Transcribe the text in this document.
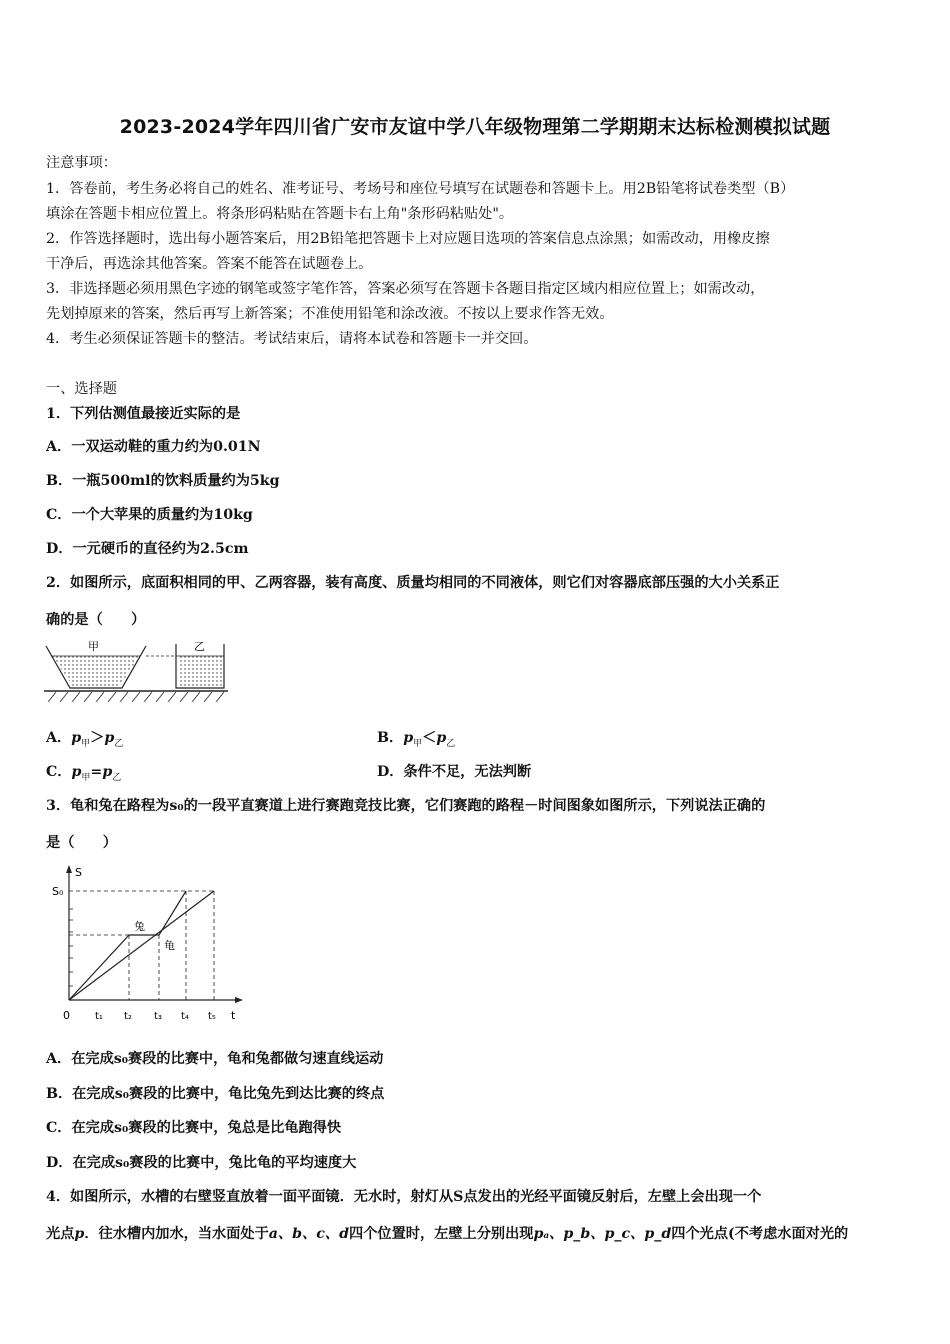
2023-2024学年四川省广安市友谊中学八年级物理第二学期期末达标检测模拟试题
注意事项：
1．答卷前，考生务必将自己的姓名、准考证号、考场号和座位号填写在试题卷和答题卡上。用2B铅笔将试卷类型（B）
填涂在答题卡相应位置上。将条形码粘贴在答题卡右上角"条形码粘贴处"。
2．作答选择题时，选出每小题答案后，用2B铅笔把答题卡上对应题目选项的答案信息点涂黑；如需改动，用橡皮擦
干净后，再选涂其他答案。答案不能答在试题卷上。
3．非选择题必须用黑色字迹的钢笔或签字笔作答，答案必须写在答题卡各题目指定区域内相应位置上；如需改动，
先划掉原来的答案，然后再写上新答案；不准使用铅笔和涂改液。不按以上要求作答无效。
4．考生必须保证答题卡的整洁。考试结束后，请将本试卷和答题卡一并交回。
一、选择题
1．下列估测值最接近实际的是
A．一双运动鞋的重力约为0.01N
B．一瓶500ml的饮料质量约为5kg
C．一个大苹果的质量约为10kg
D．一元硬币的直径约为2.5cm
2．如图所示，底面积相同的甲、乙两容器，装有高度、质量均相同的不同液体，则它们对容器底部压强的大小关系正
确的是（　　）
甲	乙
A．$p_甲>p_乙$	B．$p_甲<p_乙$
C．$p_甲=p_乙$	D．条件不足，无法判断
3．龟和兔在路程为s₀的一段平直赛道上进行赛跑竞技比赛，它们赛跑的路程－时间图象如图所示，下列说法正确的
是（　　）
S
S₀
兔
龟
0	t₁ t₂ t₃ t₄ t₅ t
A．在完成s₀赛段的比赛中，龟和兔都做匀速直线运动
B．在完成s₀赛段的比赛中，龟比兔先到达比赛的终点
C．在完成s₀赛段的比赛中，兔总是比龟跑得快
D．在完成s₀赛段的比赛中，兔比龟的平均速度大
4．如图所示，水槽的右壁竖直放着一面平面镜．无水时，射灯从S点发出的光经平面镜反射后，左壁上会出现一个
光点p．往水槽内加水，当水面处于a、b、c、d四个位置时，左壁上分别出现pₐ、p_b、p_c、p_d四个光点(不考虑水面对光的
